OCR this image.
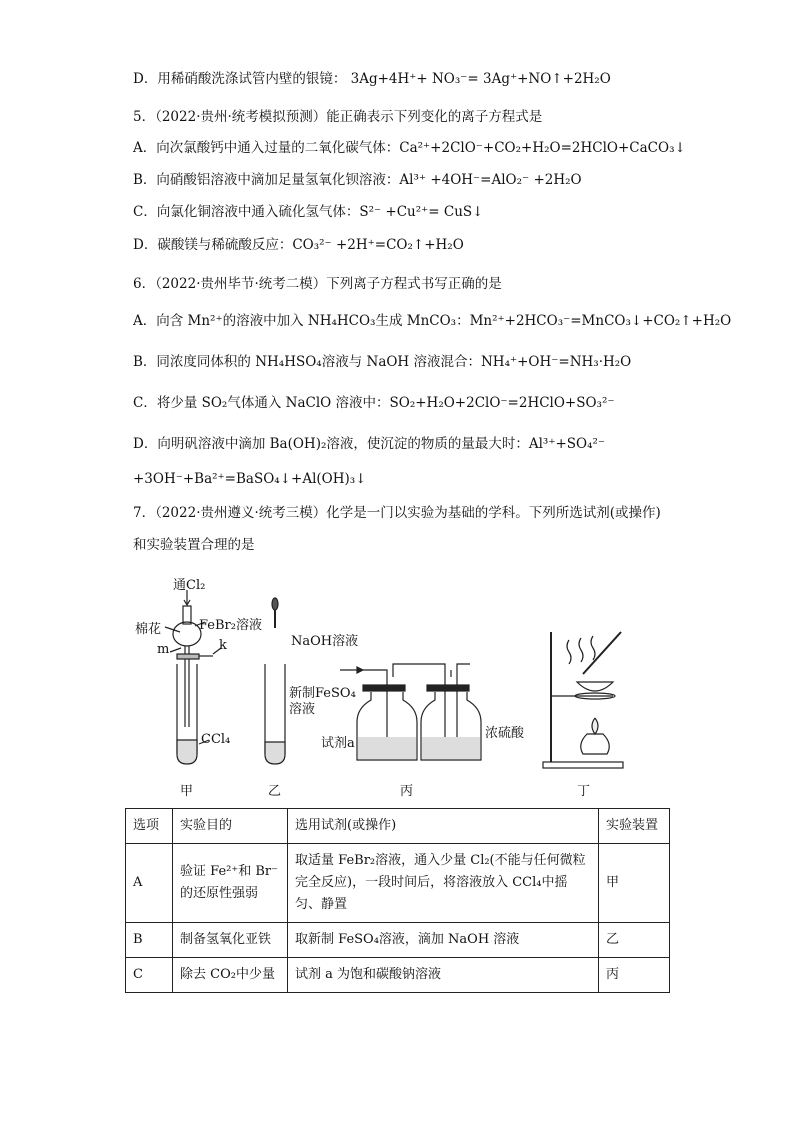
D．用稀硝酸洗涤试管内壁的银镜： 3Ag+4H⁺+ NO₃⁻= 3Ag⁺+NO↑+2H₂O
5．（2022·贵州·统考模拟预测）能正确表示下列变化的离子方程式是
A．向次氯酸钙中通入过量的二氧化碳气体：Ca²⁺+2ClO⁻+CO₂+H₂O=2HClO+CaCO₃↓
B．向硝酸铝溶液中滴加足量氢氧化钡溶液：Al³⁺ +4OH⁻=AlO₂⁻ +2H₂O
C．向氯化铜溶液中通入硫化氢气体：S²⁻ +Cu²⁺= CuS↓
D．碳酸镁与稀硫酸反应：CO₃²⁻ +2H⁺=CO₂↑+H₂O
6．（2022·贵州毕节·统考二模）下列离子方程式书写正确的是
A．向含 Mn²⁺的溶液中加入 NH₄HCO₃生成 MnCO₃：Mn²⁺+2HCO₃⁻=MnCO₃↓+CO₂↑+H₂O
B．同浓度同体积的 NH₄HSO₄溶液与 NaOH 溶液混合：NH₄⁺+OH⁻=NH₃·H₂O
C．将少量 SO₂气体通入 NaClO 溶液中：SO₂+H₂O+2ClO⁻=2HClO+SO₃²⁻
D．向明矾溶液中滴加 Ba(OH)₂溶液，使沉淀的物质的量最大时：Al³⁺+SO₄²⁻
+3OH⁻+Ba²⁺=BaSO₄↓+Al(OH)₃↓
7．（2022·贵州遵义·统考三模）化学是一门以实验为基础的学科。下列所选试剂(或操作)
和实验装置合理的是
通Cl₂
棉花	FeBr₂溶液
m	k
CCl₄
甲
NaOH溶液
新制FeSO₄
溶液
乙
试剂a
浓硫酸
丙	丁
选项	实验目的	选用试剂(或操作)	实验装置
A	验证 Fe²⁺和 Br⁻的还原性强弱	取适量 FeBr₂溶液，通入少量 Cl₂(不能与任何微粒完全反应)，一段时间后，将溶液放入 CCl₄中摇匀、静置	甲
B	制备氢氧化亚铁	取新制 FeSO₄溶液，滴加 NaOH 溶液	乙
C	除去 CO₂中少量	试剂 a 为饱和碳酸钠溶液	丙
